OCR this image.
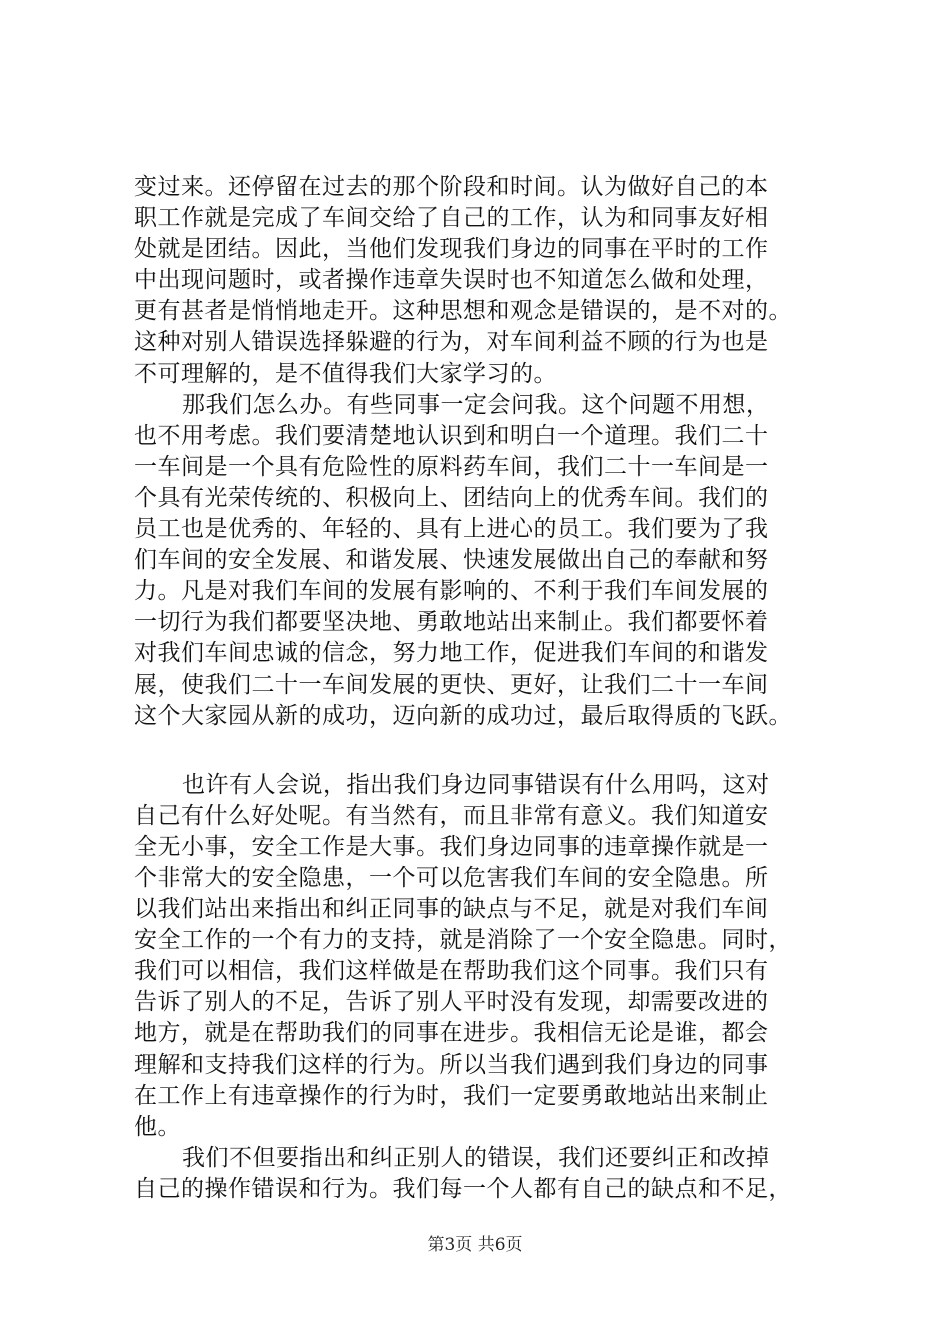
变过来。还停留在过去的那个阶段和时间。认为做好自己的本
职工作就是完成了车间交给了自己的工作，认为和同事友好相
处就是团结。因此，当他们发现我们身边的同事在平时的工作
中出现问题时，或者操作违章失误时也不知道怎么做和处理，
更有甚者是悄悄地走开。这种思想和观念是错误的，是不对的。
这种对别人错误选择躲避的行为，对车间利益不顾的行为也是
不可理解的，是不值得我们大家学习的。
那我们怎么办。有些同事一定会问我。这个问题不用想，
也不用考虑。我们要清楚地认识到和明白一个道理。我们二十
一车间是一个具有危险性的原料药车间，我们二十一车间是一
个具有光荣传统的、积极向上、团结向上的优秀车间。我们的
员工也是优秀的、年轻的、具有上进心的员工。我们要为了我
们车间的安全发展、和谐发展、快速发展做出自己的奉献和努
力。凡是对我们车间的发展有影响的、不利于我们车间发展的
一切行为我们都要坚决地、勇敢地站出来制止。我们都要怀着
对我们车间忠诚的信念，努力地工作，促进我们车间的和谐发
展，使我们二十一车间发展的更快、更好，让我们二十一车间
这个大家园从新的成功，迈向新的成功过，最后取得质的飞跃。
也许有人会说，指出我们身边同事错误有什么用吗，这对
自己有什么好处呢。有当然有，而且非常有意义。我们知道安
全无小事，安全工作是大事。我们身边同事的违章操作就是一
个非常大的安全隐患，一个可以危害我们车间的安全隐患。所
以我们站出来指出和纠正同事的缺点与不足，就是对我们车间
安全工作的一个有力的支持，就是消除了一个安全隐患。同时，
我们可以相信，我们这样做是在帮助我们这个同事。我们只有
告诉了别人的不足，告诉了别人平时没有发现，却需要改进的
地方，就是在帮助我们的同事在进步。我相信无论是谁，都会
理解和支持我们这样的行为。所以当我们遇到我们身边的同事
在工作上有违章操作的行为时，我们一定要勇敢地站出来制止
他。
我们不但要指出和纠正别人的错误，我们还要纠正和改掉
自己的操作错误和行为。我们每一个人都有自己的缺点和不足，
第3页 共6页
